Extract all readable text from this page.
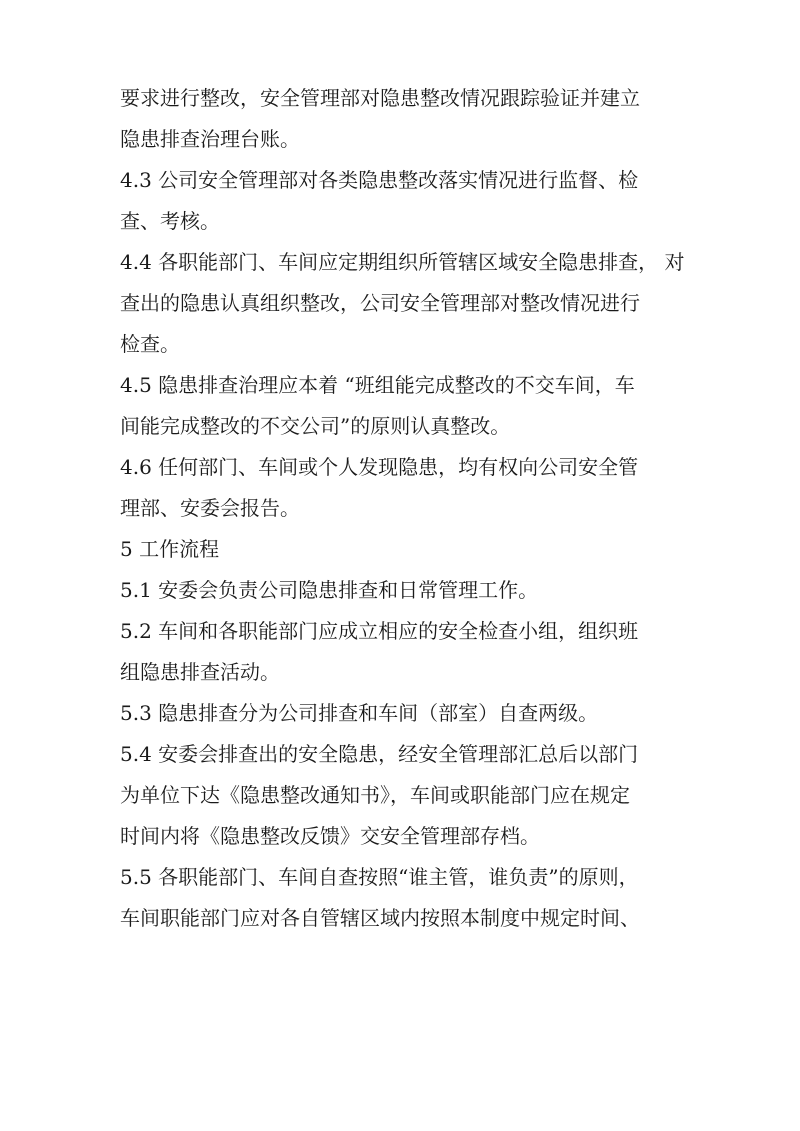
要求进行整改，安全管理部对隐患整改情况跟踪验证并建立
隐患排查治理台账。
4.3 公司安全管理部对各类隐患整改落实情况进行监督、检
查、考核。
4.4 各职能部门、车间应定期组织所管辖区域安全隐患排查， 对
查出的隐患认真组织整改，公司安全管理部对整改情况进行
检查。
4.5 隐患排查治理应本着 “班组能完成整改的不交车间，车
间能完成整改的不交公司”的原则认真整改。
4.6 任何部门、车间或个人发现隐患，均有权向公司安全管
理部、安委会报告。
5 工作流程
5.1 安委会负责公司隐患排查和日常管理工作。
5.2 车间和各职能部门应成立相应的安全检查小组，组织班
组隐患排查活动。
5.3 隐患排查分为公司排查和车间（部室）自查两级。
5.4 安委会排查出的安全隐患，经安全管理部汇总后以部门
为单位下达《隐患整改通知书》，车间或职能部门应在规定
时间内将《隐患整改反馈》交安全管理部存档。
5.5 各职能部门、车间自查按照“谁主管，谁负责”的原则，
车间职能部门应对各自管辖区域内按照本制度中规定时间、
